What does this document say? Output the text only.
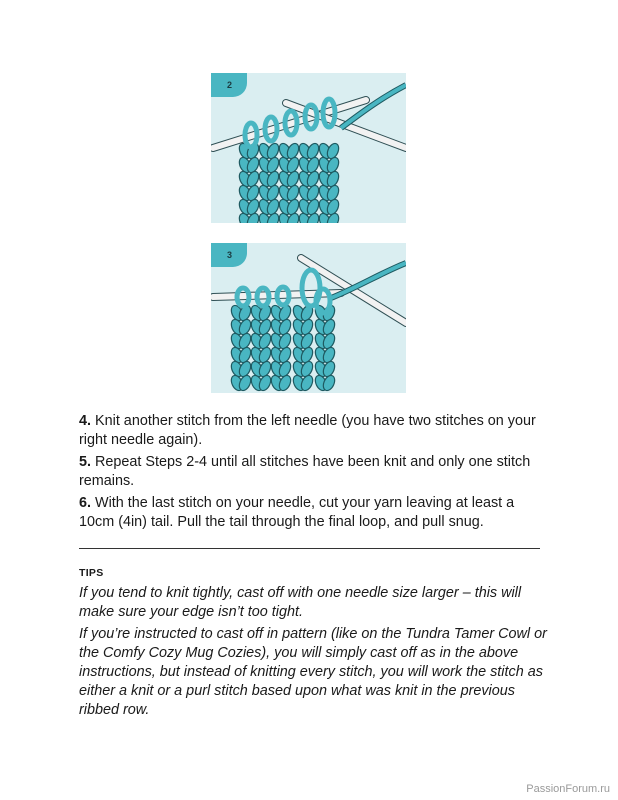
2
3

4. Knit another stitch from the left needle (you have two stitches on your right needle again).

5. Repeat Steps 2-4 until all stitches have been knit and only one stitch remains.

6. With the last stitch on your needle, cut your yarn leaving at least a 10cm (4in) tail. Pull the tail through the final loop, and pull snug.

TIPS

If you tend to knit tightly, cast off with one needle size larger – this will make sure your edge isn’t too tight.

If you’re instructed to cast off in pattern (like on the Tundra Tamer Cowl or the Comfy Cozy Mug Cozies), you will simply cast off as in the above instructions, but instead of knitting every stitch, you will work the stitch as either a knit or a purl stitch based upon what was knit in the previous ribbed row.

PassionForum.ru
